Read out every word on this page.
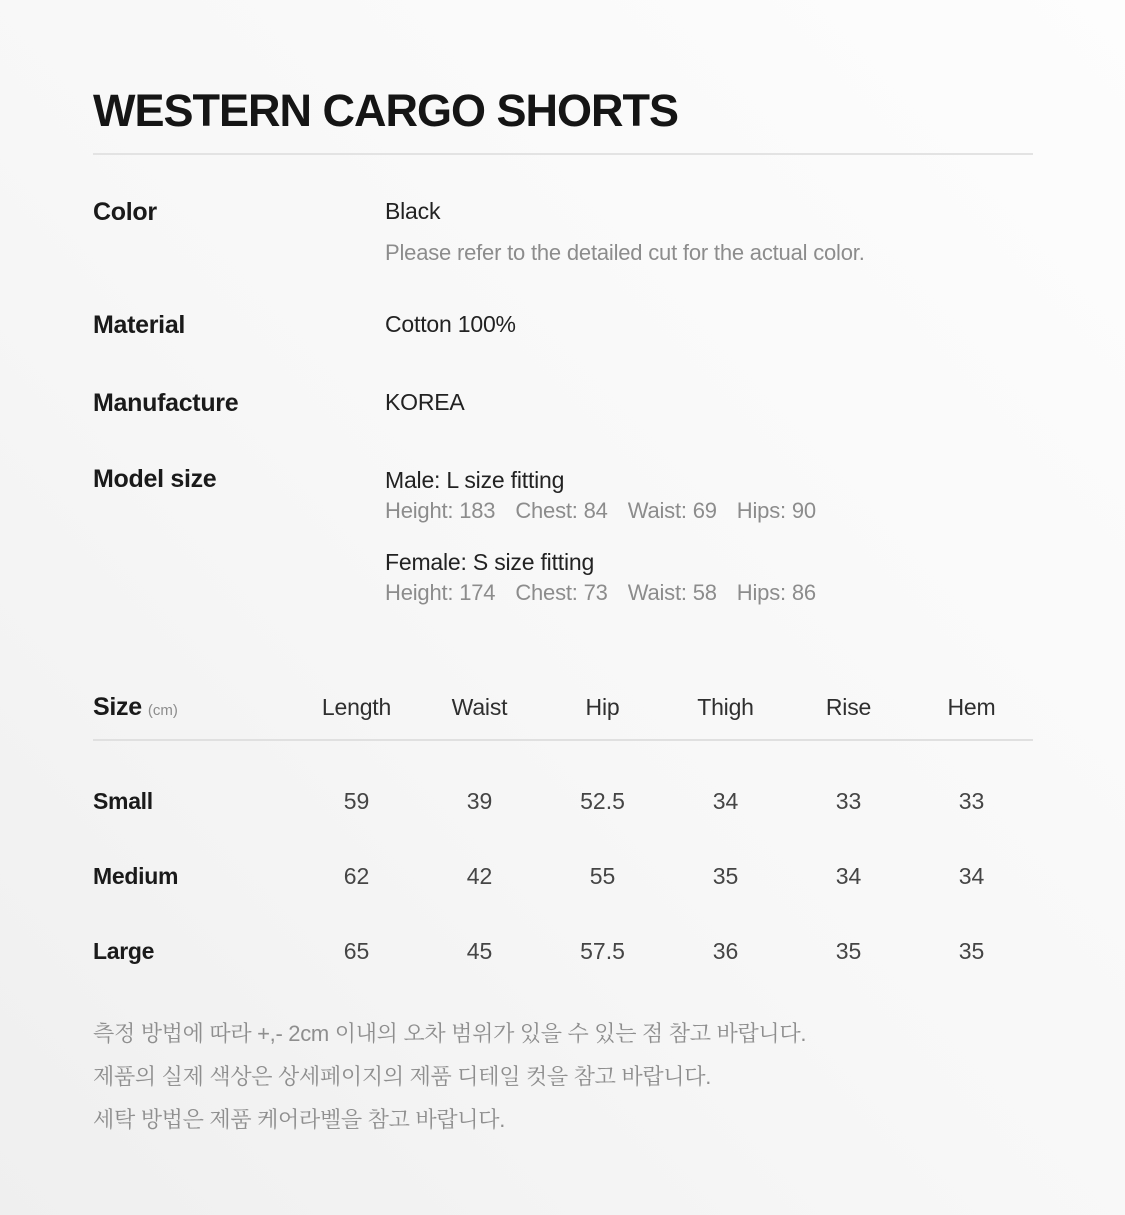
WESTERN CARGO SHORTS
Color	Black
Please refer to the detailed cut for the actual color.
Material	Cotton 100%
Manufacture	KOREA
Model size	Male: L size fitting
Height: 183 Chest: 84 Waist: 69 Hips: 90
Female: S size fitting
Height: 174 Chest: 73 Waist: 58 Hips: 86
Size (cm)	Length	Waist	Hip	Thigh	Rise	Hem
Small	59	39	52.5	34	33	33
Medium	62	42	55	35	34	34
Large	65	45	57.5	36	35	35
측정 방법에 따라 +,- 2cm 이내의 오차 범위가 있을 수 있는 점 참고 바랍니다.
제품의 실제 색상은 상세페이지의 제품 디테일 컷을 참고 바랍니다.
세탁 방법은 제품 케어라벨을 참고 바랍니다.
